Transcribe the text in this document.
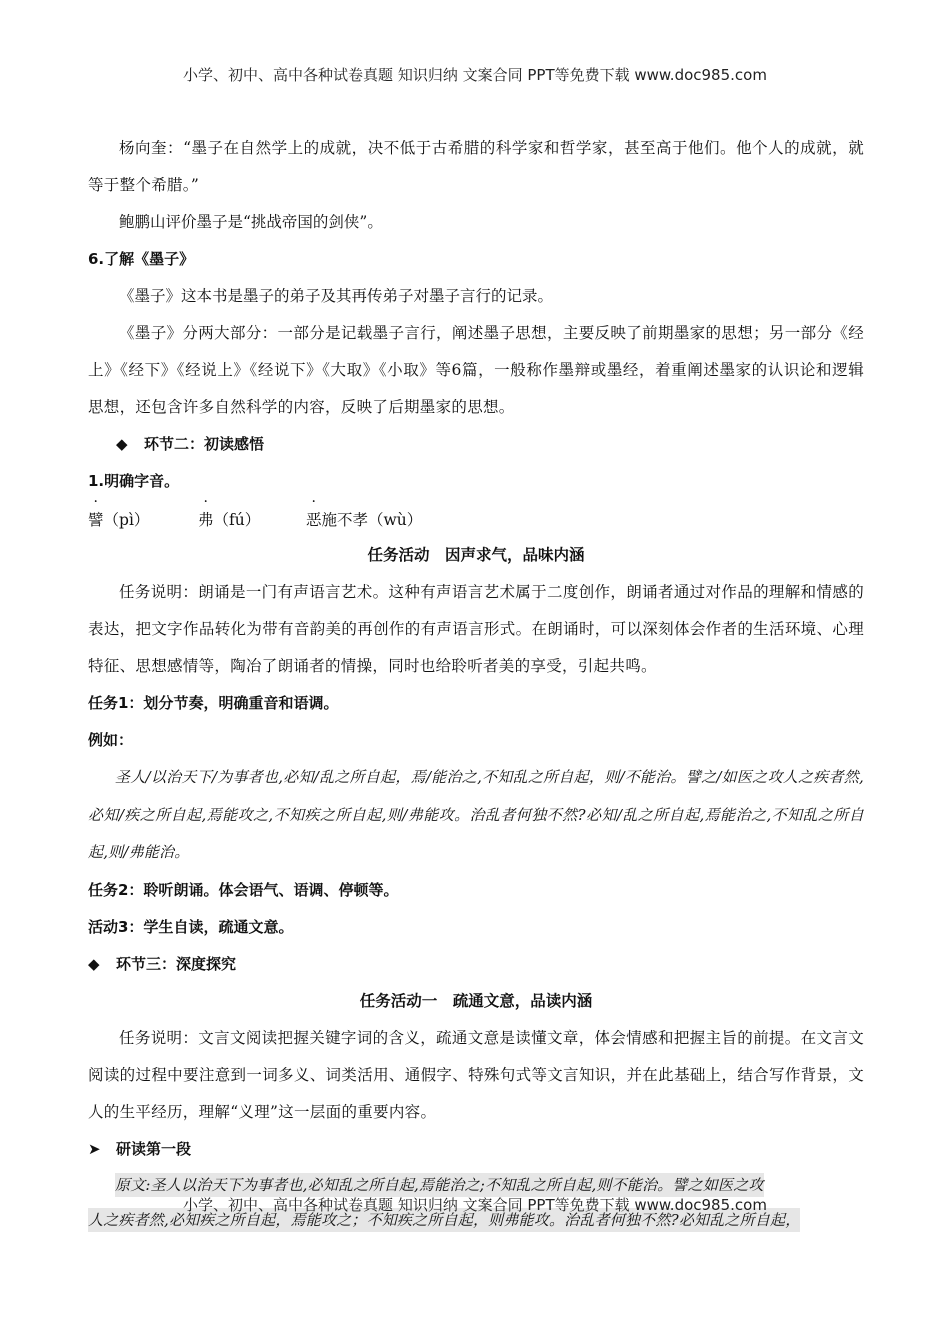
小学、初中、高中各种试卷真题 知识归纳 文案合同 PPT等免费下载 www.doc985.com

杨向奎：“墨子在自然学上的成就，决不低于古希腊的科学家和哲学家，甚至高于他们。他个人的成就，就等于整个希腊。”

鲍鹏山评价墨子是“挑战帝国的剑侠”。

6.了解《墨子》

《墨子》这本书是墨子的弟子及其再传弟子对墨子言行的记录。

《墨子》分两大部分：一部分是记载墨子言行，阐述墨子思想，主要反映了前期墨家的思想；另一部分《经上》《经下》《经说上》《经说下》《大取》《小取》等6篇，一般称作墨辩或墨经，着重阐述墨家的认识论和逻辑思想，还包含许多自然科学的内容，反映了后期墨家的思想。

◆ 环节二：初读感悟

1.明确字音。

譬（pì）	弗（fú）	恶施不孝（wù）

任务活动　因声求气，品味内涵

任务说明：朗诵是一门有声语言艺术。这种有声语言艺术属于二度创作，朗诵者通过对作品的理解和情感的表达，把文字作品转化为带有音韵美的再创作的有声语言形式。在朗诵时，可以深刻体会作者的生活环境、心理特征、思想感情等，陶冶了朗诵者的情操，同时也给聆听者美的享受，引起共鸣。

任务1：划分节奏，明确重音和语调。

例如：

圣人/以治天下/为事者也,必知/乱之所自起，焉/能治之,不知乱之所自起，则/不能治。譬之/如医之攻人之疾者然,必知/疾之所自起,焉能攻之,不知疾之所自起,则/弗能攻。治乱者何独不然?必知/乱之所自起,焉能治之,不知乱之所自起,则/弗能治。

任务2：聆听朗诵。体会语气、语调、停顿等。

活动3：学生自读，疏通文意。

◆ 环节三：深度探究

任务活动一　疏通文意，品读内涵

任务说明：文言文阅读把握关键字词的含义，疏通文意是读懂文章，体会情感和把握主旨的前提。在文言文阅读的过程中要注意到一词多义、词类活用、通假字、特殊句式等文言知识，并在此基础上，结合写作背景，文人的生平经历，理解“义理”这一层面的重要内容。

➤ 研读第一段

原文:圣人以治天下为事者也,必知乱之所自起,焉能治之;不知乱之所自起,则不能治。譬之如医之攻
人之疾者然,必知疾之所自起，焉能攻之；不知疾之所自起，则弗能攻。治乱者何独不然?必知乱之所自起，
小学、初中、高中各种试卷真题 知识归纳 文案合同 PPT等免费下载 www.doc985.com
